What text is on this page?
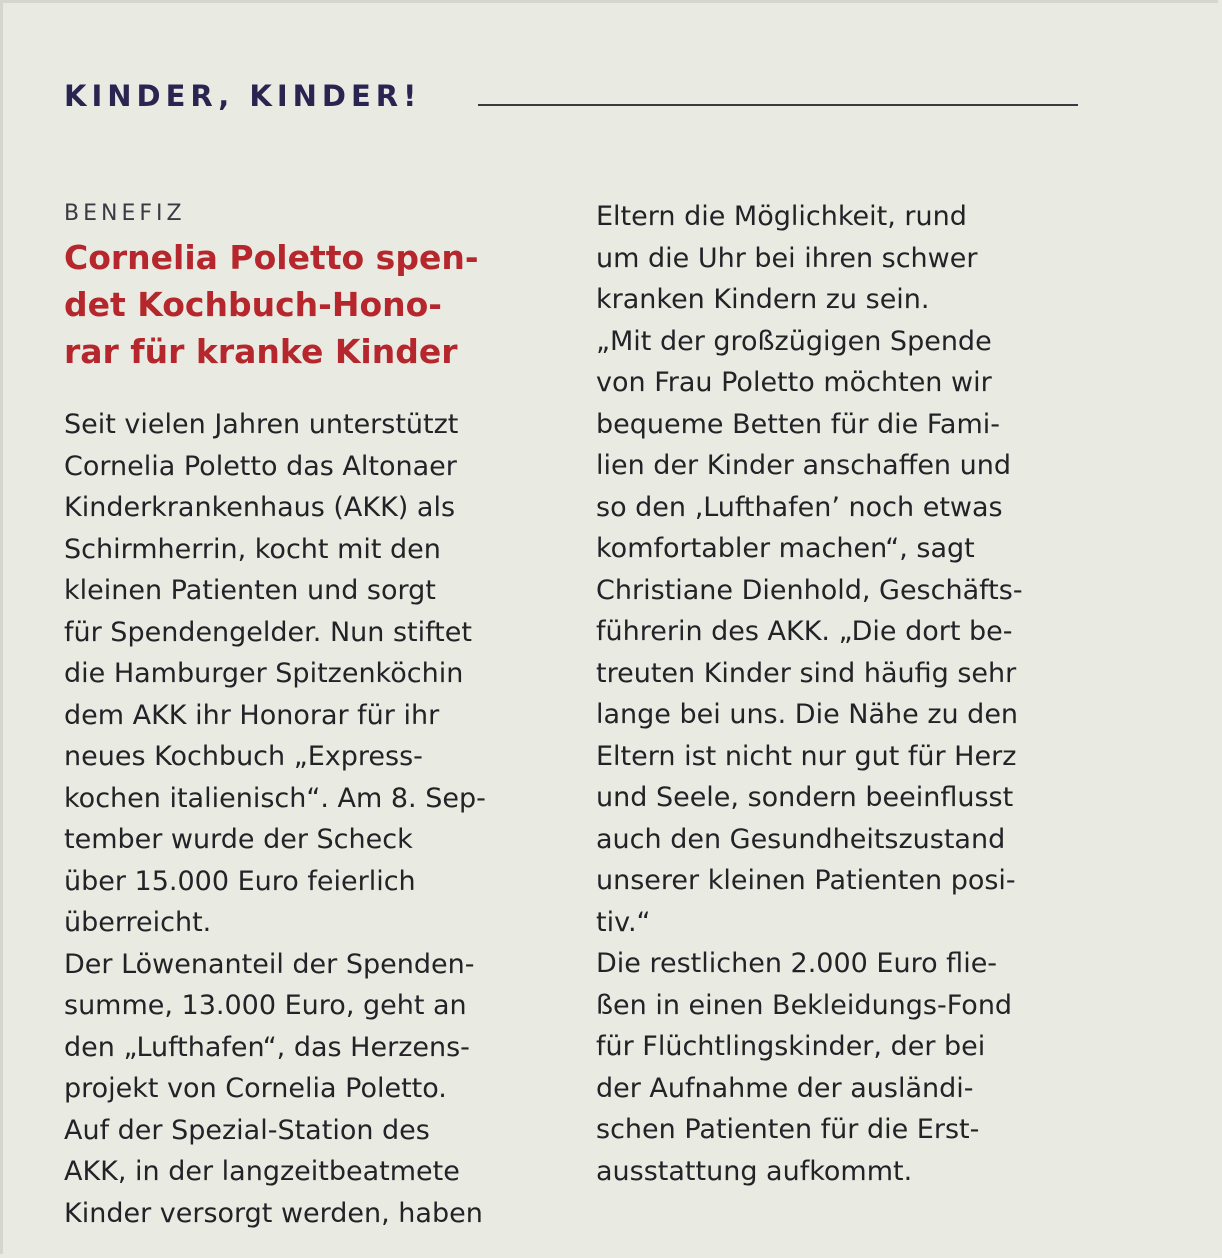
KINDER, KINDER!
BENEFIZ
Cornelia Poletto spen-
det Kochbuch-Hono-
rar für kranke Kinder
Seit vielen Jahren unterstützt
Cornelia Poletto das Altonaer
Kinderkrankenhaus (AKK) als
Schirmherrin, kocht mit den
kleinen Patienten und sorgt
für Spendengelder. Nun stiftet
die Hamburger Spitzenköchin
dem AKK ihr Honorar für ihr
neues Kochbuch „Express-
kochen italienisch“. Am 8. Sep-
tember wurde der Scheck
über 15.000 Euro feierlich
überreicht.
Der Löwenanteil der Spenden-
summe, 13.000 Euro, geht an
den „Lufthafen“, das Herzens-
projekt von Cornelia Poletto.
Auf der Spezial-Station des
AKK, in der langzeitbeatmete
Kinder versorgt werden, haben
Eltern die Möglichkeit, rund
um die Uhr bei ihren schwer
kranken Kindern zu sein.
„Mit der großzügigen Spende
von Frau Poletto möchten wir
bequeme Betten für die Fami-
lien der Kinder anschaffen und
so den ‚Lufthafen’ noch etwas
komfortabler machen“, sagt
Christiane Dienhold, Geschäfts-
führerin des AKK. „Die dort be-
treuten Kinder sind häufig sehr
lange bei uns. Die Nähe zu den
Eltern ist nicht nur gut für Herz
und Seele, sondern beeinflusst
auch den Gesundheitszustand
unserer kleinen Patienten posi-
tiv.“
Die restlichen 2.000 Euro flie-
ßen in einen Bekleidungs-Fond
für Flüchtlingskinder, der bei
der Aufnahme der ausländi-
schen Patienten für die Erst-
ausstattung aufkommt.
